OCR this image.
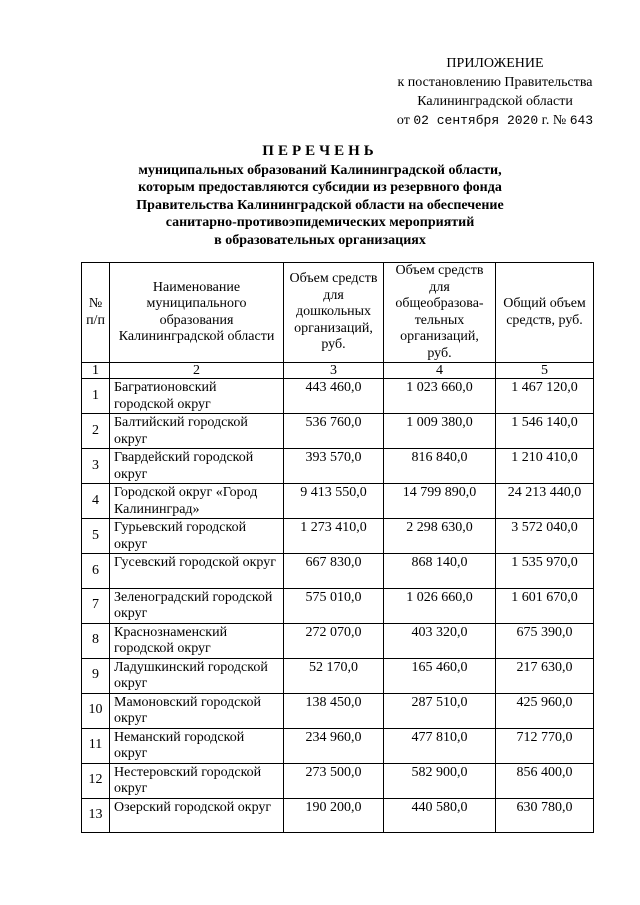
ПРИЛОЖЕНИЕ
к постановлению Правительства
Калининградской области
от 02 сентября 2020 г. № 643
ПЕРЕЧЕНЬ
муниципальных образований Калининградской области,
которым предоставляются субсидии из резервного фонда
Правительства Калининградской области на обеспечение
санитарно-противоэпидемических мероприятий
в образовательных организациях
№ п/п	Наименование муниципального образования Калининградской области	Объем средств для дошкольных организаций, руб.	Объем средств для общеобразова-тельных организаций, руб.	Общий объем средств, руб.
1	2	3	4	5
1	Багратионовский городской округ	443 460,0	1 023 660,0	1 467 120,0
2	Балтийский городской округ	536 760,0	1 009 380,0	1 546 140,0
3	Гвардейский городской округ	393 570,0	816 840,0	1 210 410,0
4	Городской округ «Город Калининград»	9 413 550,0	14 799 890,0	24 213 440,0
5	Гурьевский городской округ	1 273 410,0	2 298 630,0	3 572 040,0
6	Гусевский городской округ	667 830,0	868 140,0	1 535 970,0
7	Зеленоградский городской округ	575 010,0	1 026 660,0	1 601 670,0
8	Краснознаменский городской округ	272 070,0	403 320,0	675 390,0
9	Ладушкинский городской округ	52 170,0	165 460,0	217 630,0
10	Мамоновский городской округ	138 450,0	287 510,0	425 960,0
11	Неманский городской округ	234 960,0	477 810,0	712 770,0
12	Нестеровский городской округ	273 500,0	582 900,0	856 400,0
13	Озерский городской округ	190 200,0	440 580,0	630 780,0
